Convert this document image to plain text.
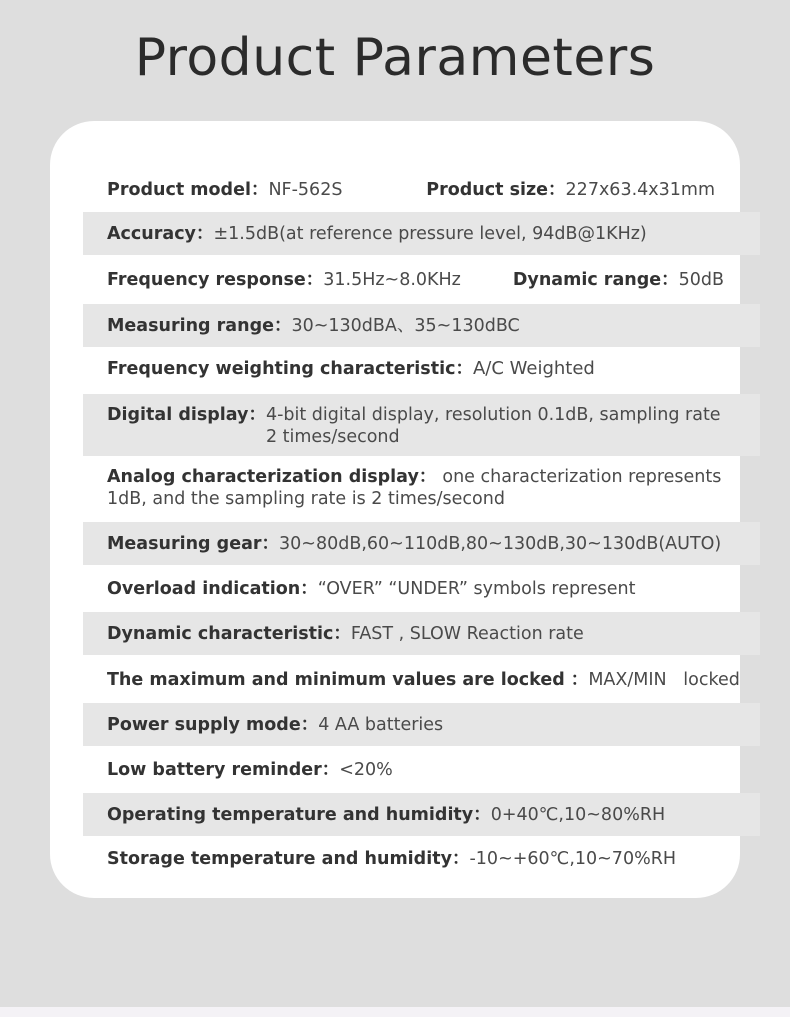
Product Parameters
Product model： NF-562S	Product size： 227x63.4x31mm
Accuracy： ±1.5dB(at reference pressure level, 94dB@1KHz)
Frequency response： 31.5Hz~8.0KHz	Dynamic range： 50dB
Measuring range： 30~130dBA、35~130dBC
Frequency weighting characteristic： A/C Weighted
Digital display： 4-bit digital display, resolution 0.1dB, sampling rate
2 times/second
Analog characterization display： one characterization represents
1dB, and the sampling rate is 2 times/second
Measuring gear： 30~80dB,60~110dB,80~130dB,30~130dB(AUTO)
Overload indication： “OVER” “UNDER” symbols represent
Dynamic characteristic： FAST , SLOW Reaction rate
The maximum and minimum values are locked ： MAX/MIN   locked
Power supply mode： 4 AA batteries
Low battery reminder： <20%
Operating temperature and humidity： 0+40℃,10~80%RH
Storage temperature and humidity： -10~+60℃,10~70%RH
